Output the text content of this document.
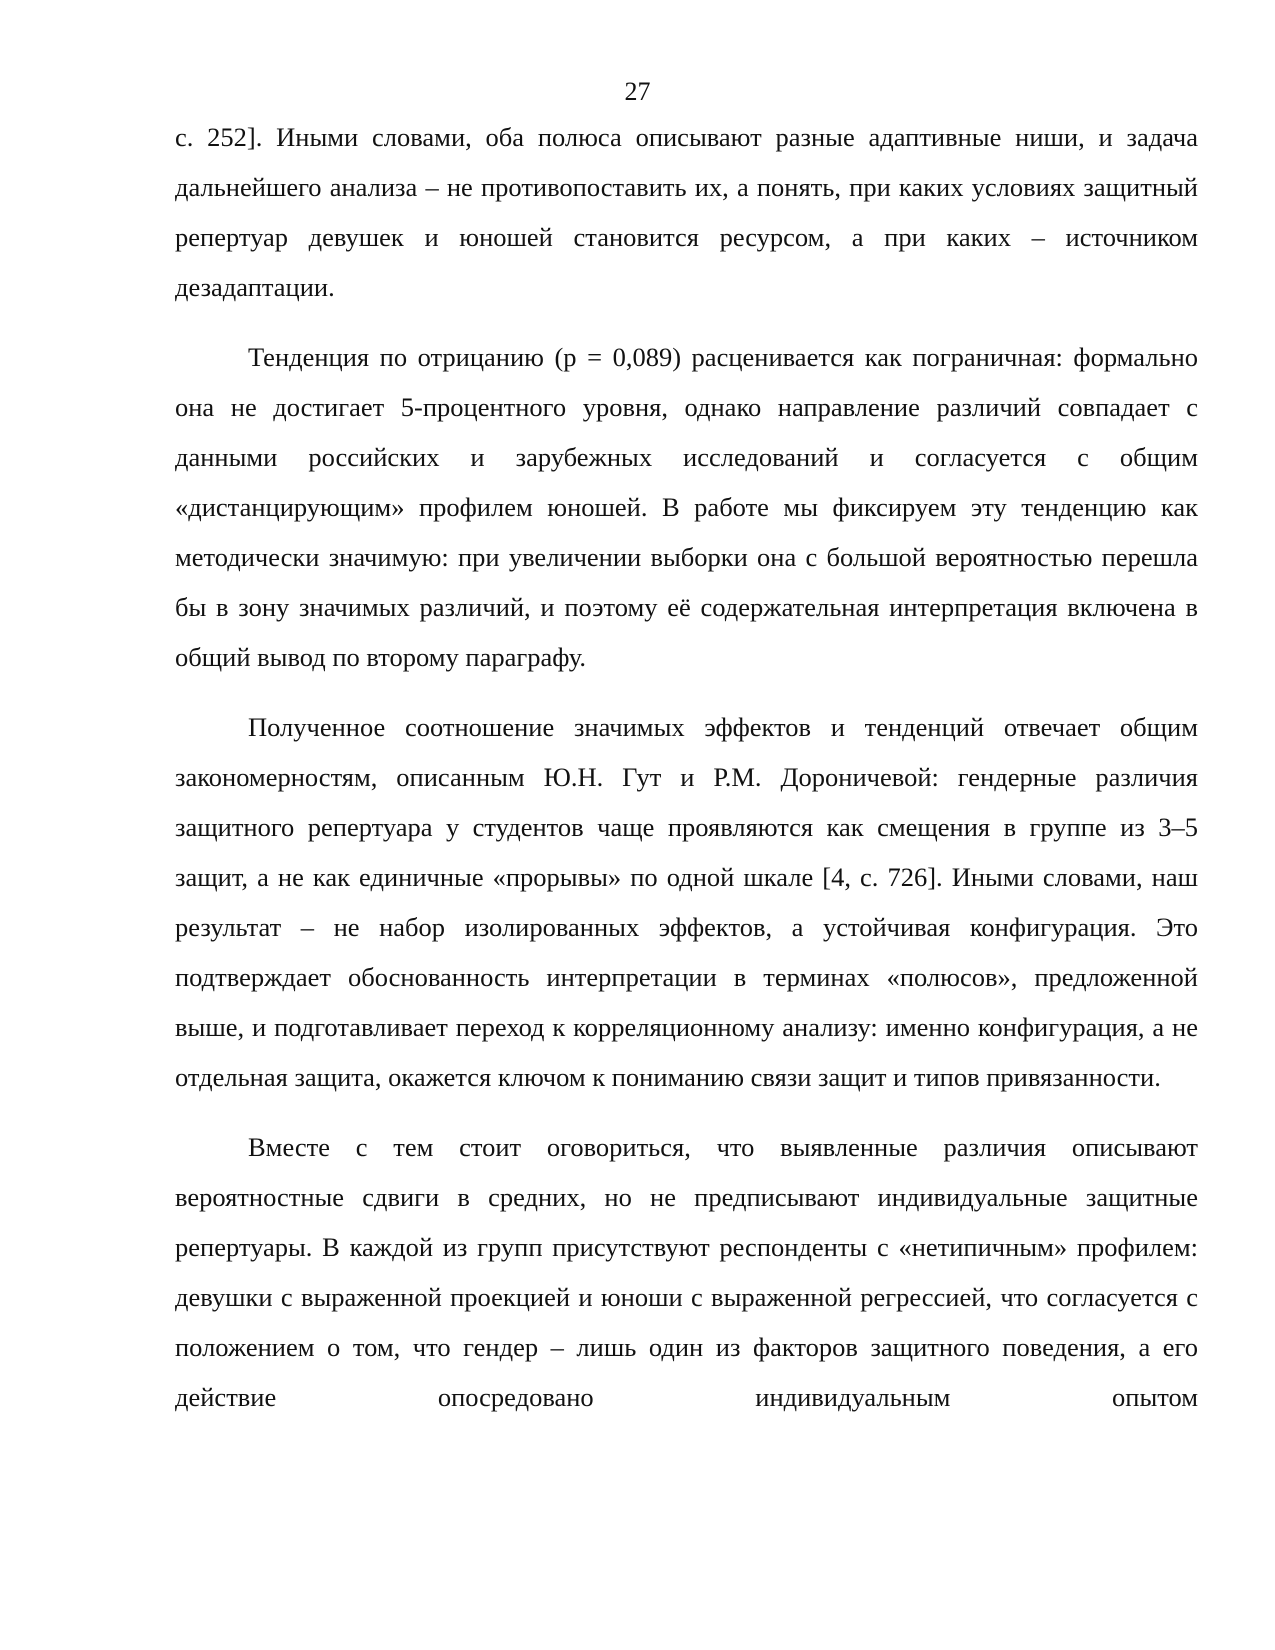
27

с. 252]. Иными словами, оба полюса описывают разные адаптивные ниши, и задача дальнейшего анализа – не противопоставить их, а понять, при каких условиях защитный репертуар девушек и юношей становится ресурсом, а при каких – источником дезадаптации.

Тенденция по отрицанию (p = 0,089) расценивается как пограничная: формально она не достигает 5-процентного уровня, однако направление различий совпадает с данными российских и зарубежных исследований и согласуется с общим «дистанцирующим» профилем юношей. В работе мы фиксируем эту тенденцию как методически значимую: при увеличении выборки она с большой вероятностью перешла бы в зону значимых различий, и поэтому её содержательная интерпретация включена в общий вывод по второму параграфу.

Полученное соотношение значимых эффектов и тенденций отвечает общим закономерностям, описанным Ю.Н. Гут и Р.М. Дороничевой: гендерные различия защитного репертуара у студентов чаще проявляются как смещения в группе из 3–5 защит, а не как единичные «прорывы» по одной шкале [4, с. 726]. Иными словами, наш результат – не набор изолированных эффектов, а устойчивая конфигурация. Это подтверждает обоснованность интерпретации в терминах «полюсов», предложенной выше, и подготавливает переход к корреляционному анализу: именно конфигурация, а не отдельная защита, окажется ключом к пониманию связи защит и типов привязанности.

Вместе с тем стоит оговориться, что выявленные различия описывают вероятностные сдвиги в средних, но не предписывают индивидуальные защитные репертуары. В каждой из групп присутствуют респонденты с «нетипичным» профилем: девушки с выраженной проекцией и юноши с выраженной регрессией, что согласуется с положением о том, что гендер – лишь один из факторов защитного поведения, а его действие опосредовано индивидуальным опытом
